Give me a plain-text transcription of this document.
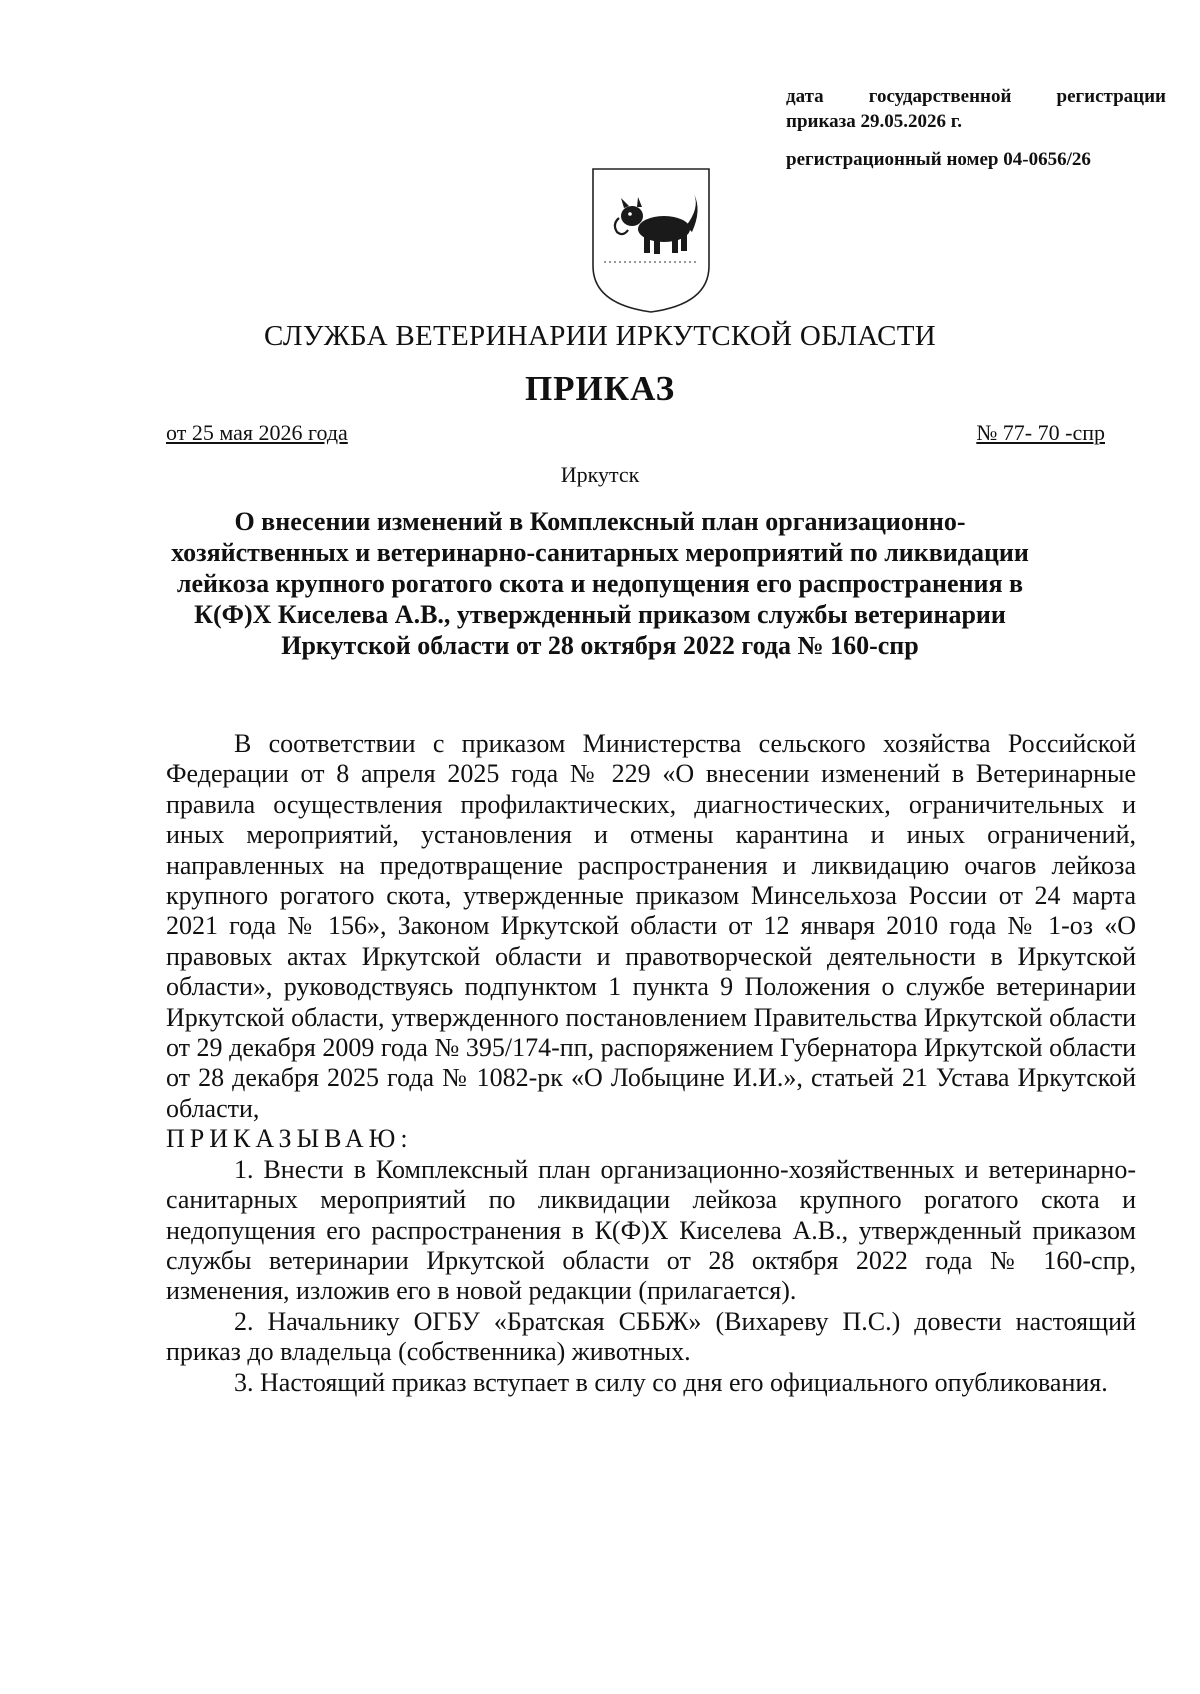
дата государственной регистрации
приказа 29.05.2026 г.
регистрационный номер 04-0656/26
СЛУЖБА ВЕТЕРИНАРИИ ИРКУТСКОЙ ОБЛАСТИ
ПРИКАЗ
от 25 мая 2026 года	№ 77- 70 -спр
Иркутск
О внесении изменений в Комплексный план организационно-хозяйственных и ветеринарно-санитарных мероприятий по ликвидации лейкоза крупного рогатого скота и недопущения его распространения в К(Ф)Х Киселева А.В., утвержденный приказом службы ветеринарии Иркутской области от 28 октября 2022 года № 160-спр

В соответствии с приказом Министерства сельского хозяйства Российской Федерации от 8 апреля 2025 года № 229 «О внесении изменений в Ветеринарные правила осуществления профилактических, диагностических, ограничительных и иных мероприятий, установления и отмены карантина и иных ограничений, направленных на предотвращение распространения и ликвидацию очагов лейкоза крупного рогатого скота, утвержденные приказом Минсельхоза России от 24 марта 2021 года № 156», Законом Иркутской области от 12 января 2010 года № 1-оз «О правовых актах Иркутской области и правотворческой деятельности в Иркутской области», руководствуясь подпунктом 1 пункта 9 Положения о службе ветеринарии Иркутской области, утвержденного постановлением Правительства Иркутской области от 29 декабря 2009 года № 395/174-пп, распоряжением Губернатора Иркутской области от 28 декабря 2025 года № 1082-рк «О Лобыцине И.И.», статьей 21 Устава Иркутской области,

ПРИКАЗЫВАЮ:

1. Внести в Комплексный план организационно-хозяйственных и ветеринарно-санитарных мероприятий по ликвидации лейкоза крупного рогатого скота и недопущения его распространения в К(Ф)Х Киселева А.В., утвержденный приказом службы ветеринарии Иркутской области от 28 октября 2022 года № 160-спр, изменения, изложив его в новой редакции (прилагается).

2. Начальнику ОГБУ «Братская СББЖ» (Вихареву П.С.) довести настоящий приказ до владельца (собственника) животных.

3. Настоящий приказ вступает в силу со дня его официального опубликования.
